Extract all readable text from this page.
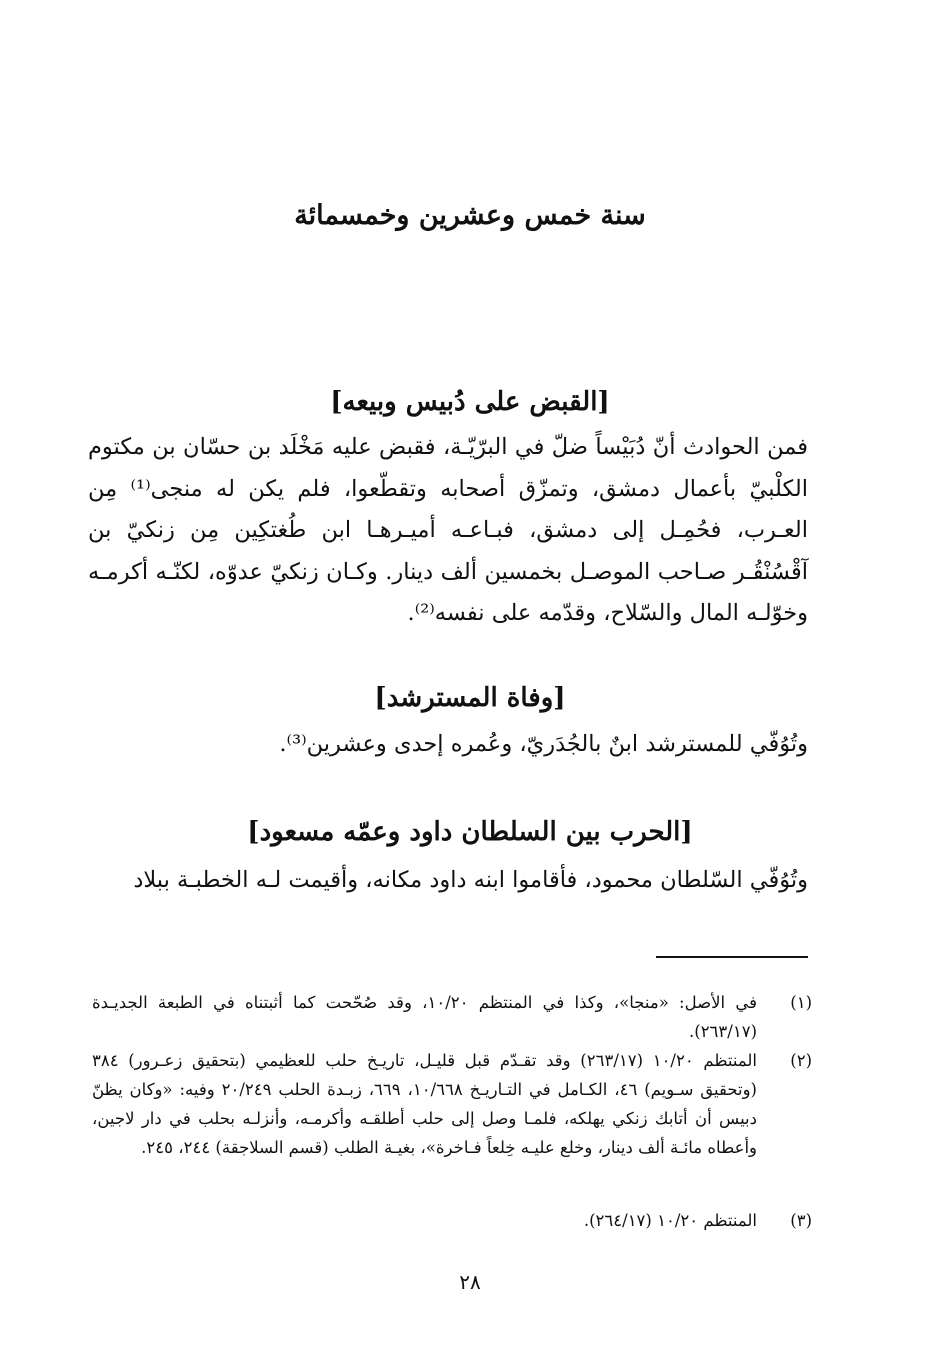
سنة خمس وعشرين وخمسمائة
[القبض على دُبيس وبيعه]
فمن الحوادث أنّ دُبَيْساً ضلّ في البرّيّـة، فقبض عليه مَخْلَد بن حسّان بن مكتوم الكلْبيّ بأعمال دمشق، وتمزّق أصحابه وتقطّعوا، فلم يكن له منجى⁽¹⁾ مِن العـرب، فحُمِـل إلى دمشق، فبـاعـه أميـرهـا ابن طُغتكِين مِن زنكيّ بن آقْسُنْقُـر صـاحب الموصـل بخمسين ألف دينار. وكـان زنكيّ عدوّه، لكنّـه أكرمـه وخوّلـه المال والسّلاح، وقدّمه على نفسه⁽²⁾.
[وفاة المسترشد]
وتُوُفّي للمسترشد ابنٌ بالجُدَريّ، وعُمره إحدى وعشرين⁽³⁾.
[الحرب بين السلطان داود وعمّه مسعود]
وتُوُفّي السّلطان محمود، فأقاموا ابنه داود مكانه، وأقيمت لـه الخطبـة ببلاد
(١)
في الأصل: «منجا»، وكذا في المنتظم ١٠/٢٠، وقد صُحّحت كما أثبتناه في الطبعة الجديـدة (٢٦٣/١٧).
(٢)
المنتظم ١٠/٢٠ (٢٦٣/١٧) وقد تقـدّم قبل قليـل، تاريـخ حلب للعظيمي (بتحقيق زعـرور) ٣٨٤ (وتحقيق سـويم) ٤٦، الكـامل في التـاريـخ ١٠/٦٦٨، ٦٦٩، زبـدة الحلب ٢٠/٢٤٩ وفيه: «وكان يظنّ دبيس أن أتابك زنكي يهلكه، فلمـا وصل إلى حلب أطلقـه وأكرمـه، وأنزلـه بحلب في دار لاجين، وأعطاه مائـة ألف دينار، وخلع عليـه خِلعاً فـاخرة»، بغيـة الطلب (قسم السلاجقة) ٢٤٤، ٢٤٥.
(٣)
المنتظم ١٠/٢٠ (٢٦٤/١٧).
٢٨
